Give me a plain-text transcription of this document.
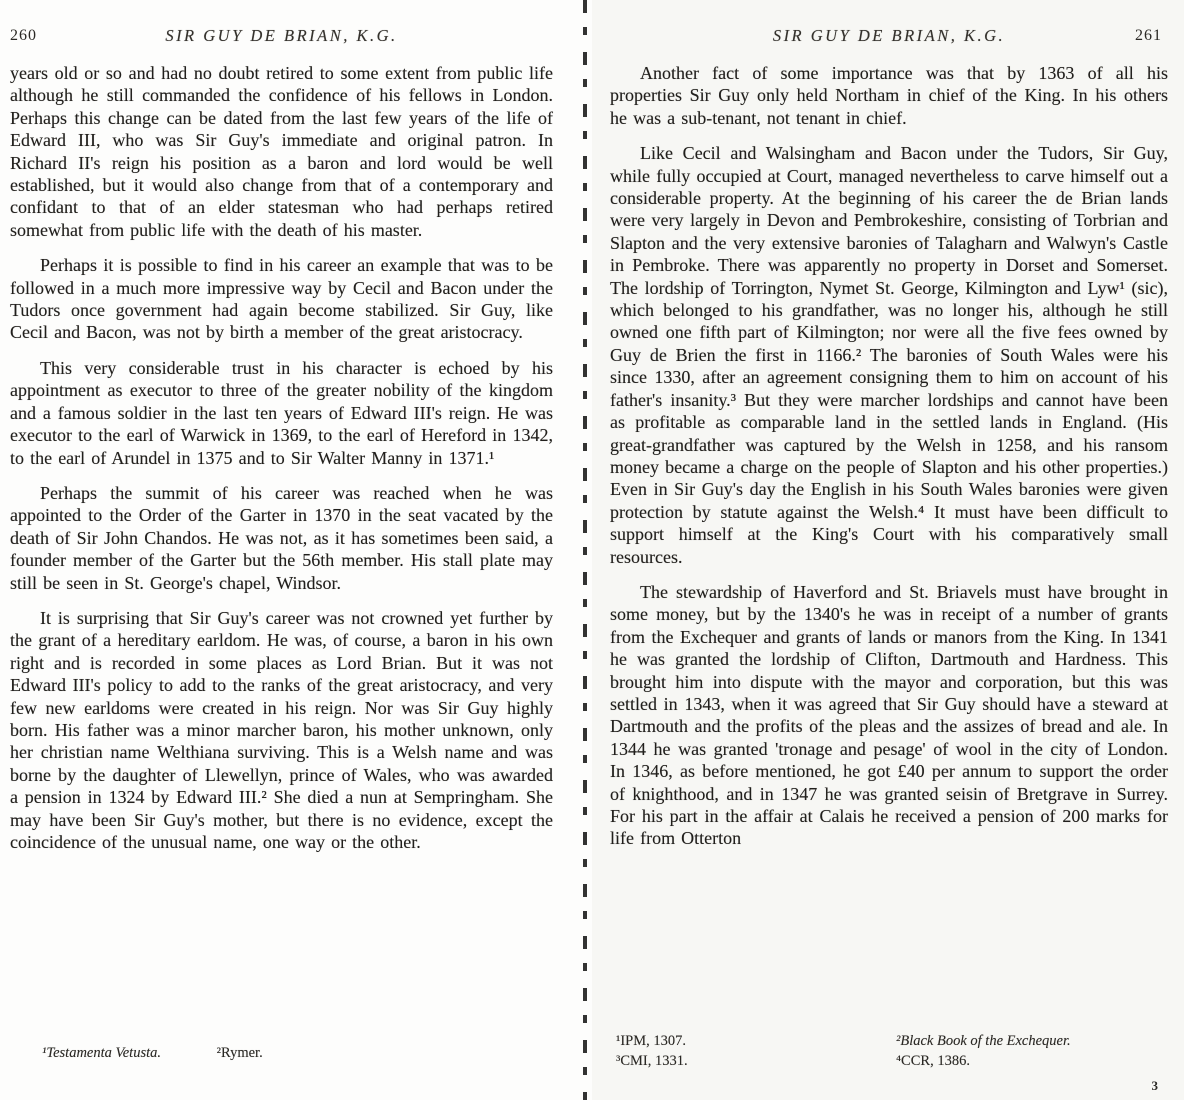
260	SIR GUY DE BRIAN, K.G.

years old or so and had no doubt retired to some extent from public life although he still commanded the confidence of his fellows in London. Perhaps this change can be dated from the last few years of the life of Edward III, who was Sir Guy's immediate and original patron. In Richard II's reign his position as a baron and lord would be well established, but it would also change from that of a contemporary and confidant to that of an elder statesman who had perhaps retired somewhat from public life with the death of his master.

Perhaps it is possible to find in his career an example that was to be followed in a much more impressive way by Cecil and Bacon under the Tudors once government had again become stabilized. Sir Guy, like Cecil and Bacon, was not by birth a member of the great aristocracy.

This very considerable trust in his character is echoed by his appointment as executor to three of the greater nobility of the kingdom and a famous soldier in the last ten years of Edward III's reign. He was executor to the earl of Warwick in 1369, to the earl of Hereford in 1342, to the earl of Arundel in 1375 and to Sir Walter Manny in 1371.¹

Perhaps the summit of his career was reached when he was appointed to the Order of the Garter in 1370 in the seat vacated by the death of Sir John Chandos. He was not, as it has sometimes been said, a founder member of the Garter but the 56th member. His stall plate may still be seen in St. George's chapel, Windsor.

It is surprising that Sir Guy's career was not crowned yet further by the grant of a hereditary earldom. He was, of course, a baron in his own right and is recorded in some places as Lord Brian. But it was not Edward III's policy to add to the ranks of the great aristocracy, and very few new earldoms were created in his reign. Nor was Sir Guy highly born. His father was a minor marcher baron, his mother unknown, only her christian name Welthiana surviving. This is a Welsh name and was borne by the daughter of Llewellyn, prince of Wales, who was awarded a pension in 1324 by Edward III.² She died a nun at Sempringham. She may have been Sir Guy's mother, but there is no evidence, except the coincidence of the unusual name, one way or the other.

¹Testamenta Vetusta.	²Rymer.
261
SIR GUY DE BRIAN, K.G.

Another fact of some importance was that by 1363 of all his properties Sir Guy only held Northam in chief of the King. In his others he was a sub-tenant, not tenant in chief.

Like Cecil and Walsingham and Bacon under the Tudors, Sir Guy, while fully occupied at Court, managed nevertheless to carve himself out a considerable property. At the beginning of his career the de Brian lands were very largely in Devon and Pembrokeshire, consisting of Torbrian and Slapton and the very extensive baronies of Talagharn and Walwyn's Castle in Pembroke. There was apparently no property in Dorset and Somerset. The lordship of Torrington, Nymet St. George, Kilmington and Lyw¹ (sic), which belonged to his grandfather, was no longer his, although he still owned one fifth part of Kilmington; nor were all the five fees owned by Guy de Brien the first in 1166.² The baronies of South Wales were his since 1330, after an agreement consigning them to him on account of his father's insanity.³ But they were marcher lordships and cannot have been as profitable as comparable land in the settled lands in England. (His great-grandfather was captured by the Welsh in 1258, and his ransom money became a charge on the people of Slapton and his other properties.) Even in Sir Guy's day the English in his South Wales baronies were given protection by statute against the Welsh.⁴ It must have been difficult to support himself at the King's Court with his comparatively small resources.

The stewardship of Haverford and St. Briavels must have brought in some money, but by the 1340's he was in receipt of a number of grants from the Exchequer and grants of lands or manors from the King. In 1341 he was granted the lordship of Clifton, Dartmouth and Hardness. This brought him into dispute with the mayor and corporation, but this was settled in 1343, when it was agreed that Sir Guy should have a steward at Dartmouth and the profits of the pleas and the assizes of bread and ale. In 1344 he was granted 'tronage and pesage' of wool in the city of London. In 1346, as before mentioned, he got £40 per annum to support the order of knighthood, and in 1347 he was granted seisin of Bretgrave in Surrey. For his part in the affair at Calais he received a pension of 200 marks for life from Otterton

¹IPM, 1307.	²Black Book of the Exchequer.
³CMI, 1331.	⁴CCR, 1386.
3
